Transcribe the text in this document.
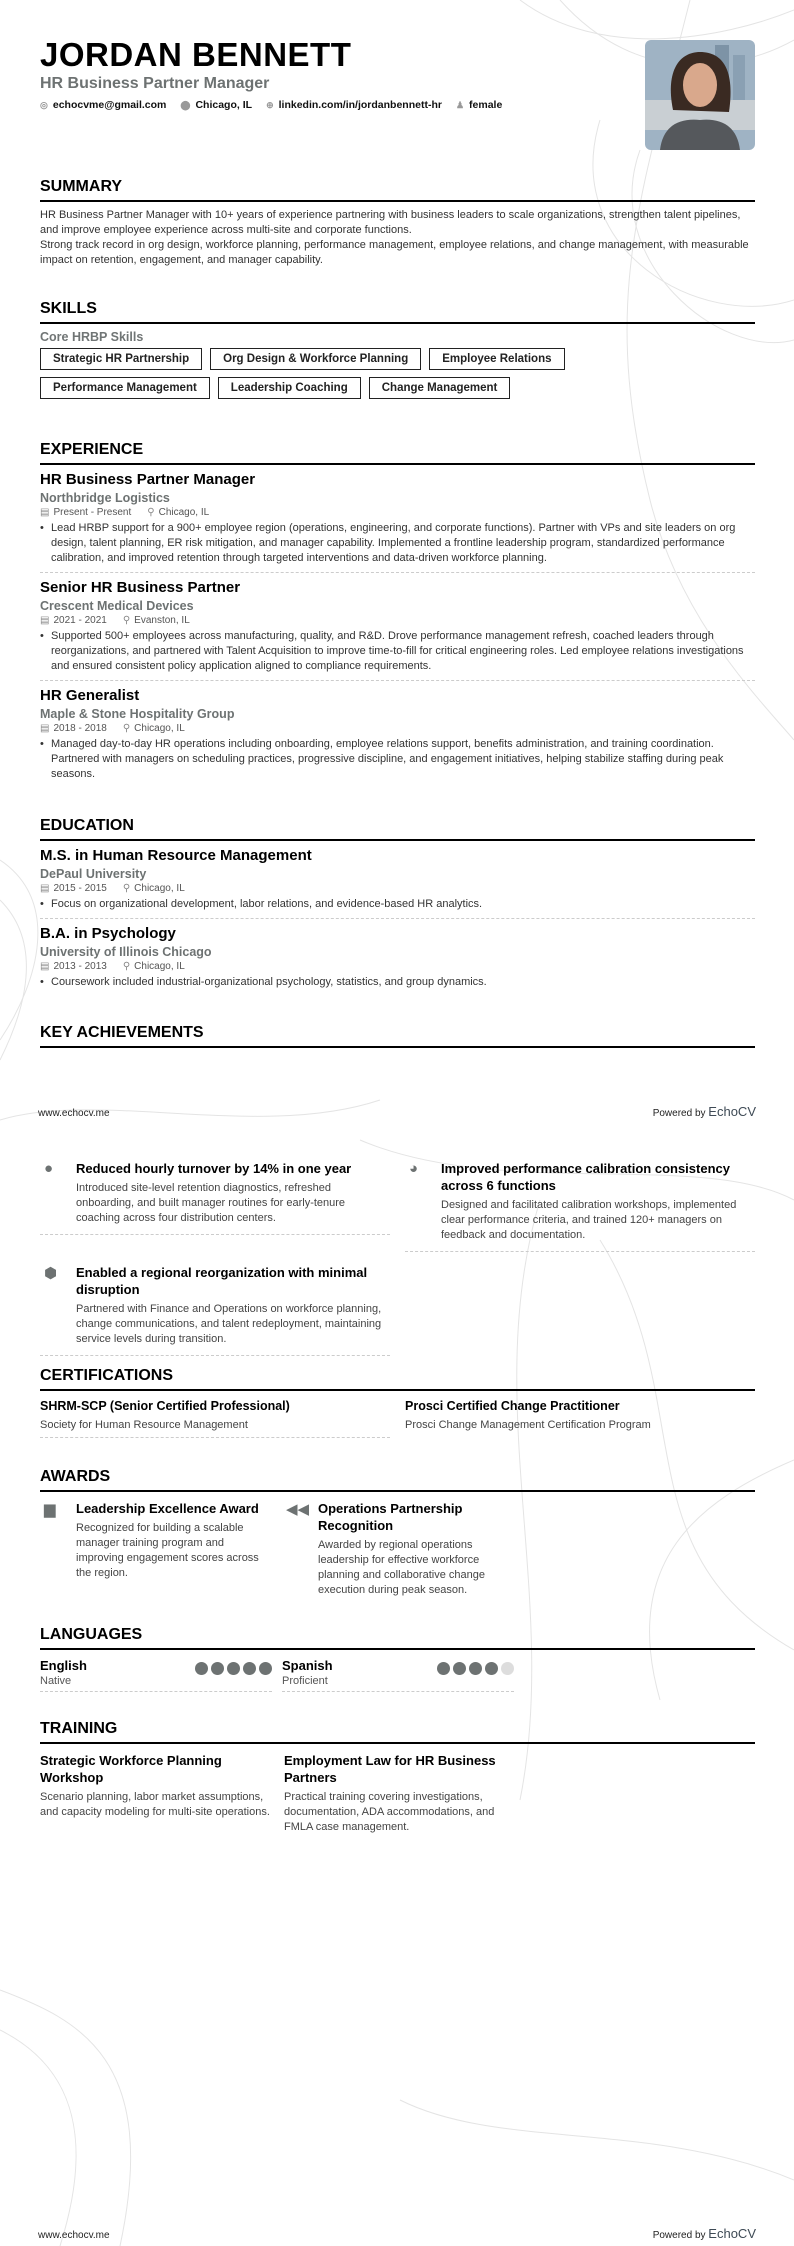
JORDAN BENNETT
HR Business Partner Manager
◎ echocvme@gmail.com ⬤ Chicago, IL ⊕ linkedin.com/in/jordanbennett-hr ♟ female
SUMMARY

HR Business Partner Manager with 10+ years of experience partnering with business leaders to scale organizations, strengthen talent pipelines, and improve employee experience across multi-site and corporate functions.

Strong track record in org design, workforce planning, performance management, employee relations, and change management, with measurable impact on retention, engagement, and manager capability.

SKILLS
Core HRBP Skills
Strategic HR Partnership	Org Design & Workforce Planning	Employee Relations
Performance Management	Leadership Coaching	Change Management
EXPERIENCE
HR Business Partner Manager
Northbridge Logistics
▤ Present - Present ⚲ Chicago, IL
• Lead HRBP support for a 900+ employee region (operations, engineering, and corporate functions). Partner with VPs and site leaders on org design, talent planning, ER risk mitigation, and manager capability. Implemented a frontline leadership program, standardized performance calibration, and improved retention through targeted interventions and data-driven workforce planning.
Senior HR Business Partner
Crescent Medical Devices
▤ 2021 - 2021 ⚲ Evanston, IL
• Supported 500+ employees across manufacturing, quality, and R&D. Drove performance management refresh, coached leaders through reorganizations, and partnered with Talent Acquisition to improve time-to-fill for critical engineering roles. Led employee relations investigations and ensured consistent policy application aligned to compliance requirements.
HR Generalist
Maple & Stone Hospitality Group
▤ 2018 - 2018 ⚲ Chicago, IL
• Managed day-to-day HR operations including onboarding, employee relations support, benefits administration, and training coordination. Partnered with managers on scheduling practices, progressive discipline, and engagement initiatives, helping stabilize staffing during peak seasons.
EDUCATION
M.S. in Human Resource Management
DePaul University
▤ 2015 - 2015 ⚲ Chicago, IL
• Focus on organizational development, labor relations, and evidence-based HR analytics.
B.A. in Psychology
University of Illinois Chicago
▤ 2013 - 2013 ⚲ Chicago, IL
• Coursework included industrial-organizational psychology, statistics, and group dynamics.
KEY ACHIEVEMENTS
www.echocv.me	Powered by EchoCV
●	Reduced hourly turnover by 14% in one year
Introduced site-level retention diagnostics, refreshed onboarding, and built manager routines for early-tenure coaching across four distribution centers.
◕	Improved performance calibration consistency across 6 functions
Designed and facilitated calibration workshops, implemented clear performance criteria, and trained 120+ managers on feedback and documentation.
⬢	Enabled a regional reorganization with minimal disruption
Partnered with Finance and Operations on workforce planning, change communications, and talent redeployment, maintaining service levels during transition.
CERTIFICATIONS
SHRM-SCP (Senior Certified Professional)
Society for Human Resource Management
Prosci Certified Change Practitioner
Prosci Change Management Certification Program
AWARDS
▆	Leadership Excellence Award
Recognized for building a scalable manager training program and improving engagement scores across the region.
◀◀ Operations Partnership Recognition
Awarded by regional operations leadership for effective workforce planning and collaborative change execution during peak season.
LANGUAGES
English
Native
Spanish
Proficient
TRAINING
Strategic Workforce Planning Workshop
Scenario planning, labor market assumptions, and capacity modeling for multi-site operations.
Employment Law for HR Business Partners
Practical training covering investigations, documentation, ADA accommodations, and FMLA case management.
www.echocv.me	Powered by EchoCV
